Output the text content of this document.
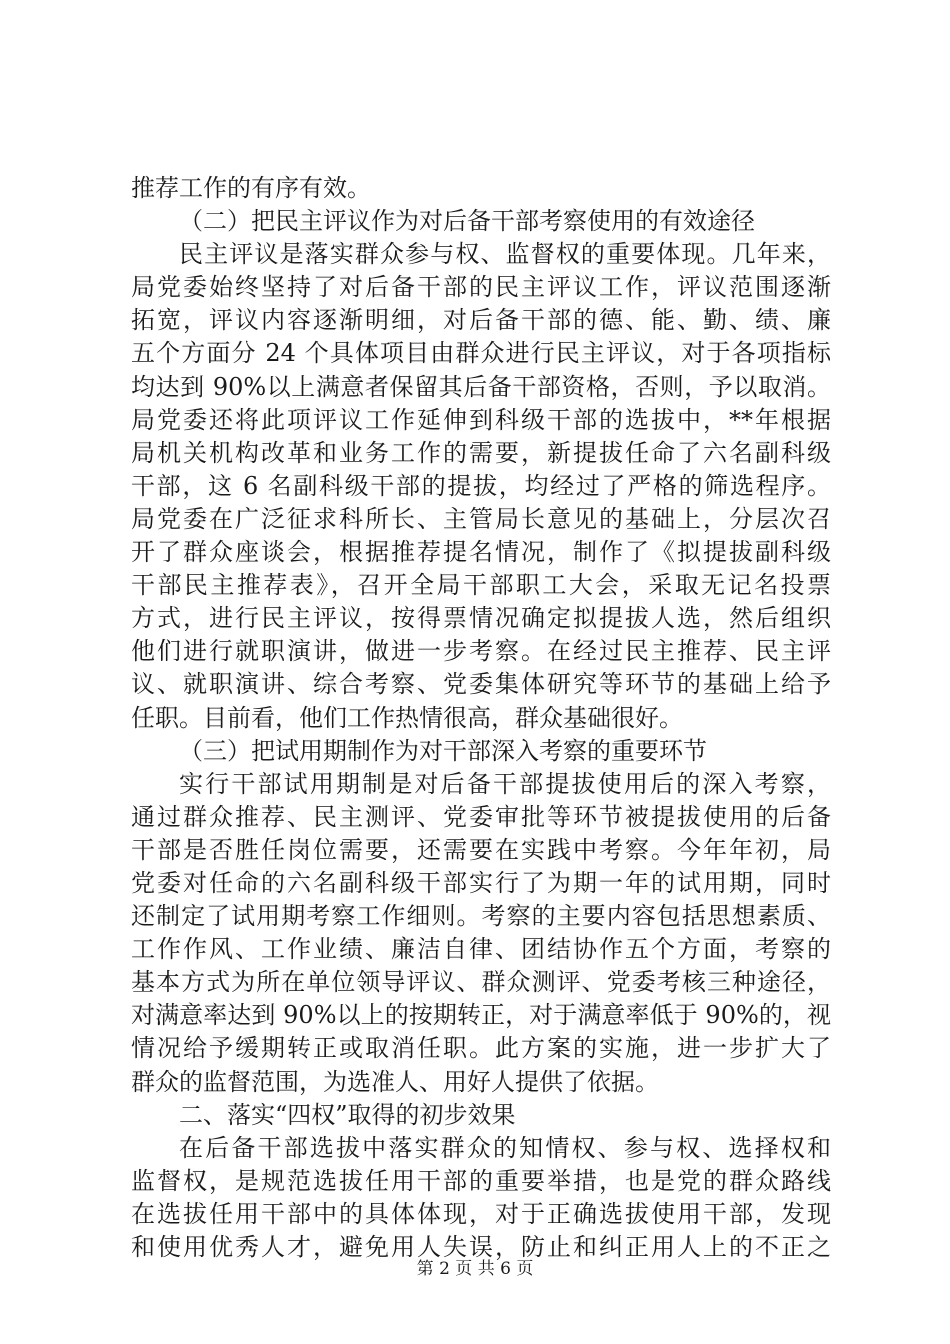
推荐工作的有序有效。
（二）把民主评议作为对后备干部考察使用的有效途径
民主评议是落实群众参与权、监督权的重要体现。几年来，
局党委始终坚持了对后备干部的民主评议工作，评议范围逐渐
拓宽，评议内容逐渐明细，对后备干部的德、能、勤、绩、廉
五个方面分 24 个具体项目由群众进行民主评议，对于各项指标
均达到 90%以上满意者保留其后备干部资格，否则，予以取消。
局党委还将此项评议工作延伸到科级干部的选拔中，**年根据
局机关机构改革和业务工作的需要，新提拔任命了六名副科级
干部，这 6 名副科级干部的提拔，均经过了严格的筛选程序。
局党委在广泛征求科所长、主管局长意见的基础上，分层次召
开了群众座谈会，根据推荐提名情况，制作了《拟提拔副科级
干部民主推荐表》，召开全局干部职工大会，采取无记名投票
方式，进行民主评议，按得票情况确定拟提拔人选，然后组织
他们进行就职演讲，做进一步考察。在经过民主推荐、民主评
议、就职演讲、综合考察、党委集体研究等环节的基础上给予
任职。目前看，他们工作热情很高，群众基础很好。
（三）把试用期制作为对干部深入考察的重要环节
实行干部试用期制是对后备干部提拔使用后的深入考察，
通过群众推荐、民主测评、党委审批等环节被提拔使用的后备
干部是否胜任岗位需要，还需要在实践中考察。今年年初，局
党委对任命的六名副科级干部实行了为期一年的试用期，同时
还制定了试用期考察工作细则。考察的主要内容包括思想素质、
工作作风、工作业绩、廉洁自律、团结协作五个方面，考察的
基本方式为所在单位领导评议、群众测评、党委考核三种途径，
对满意率达到 90%以上的按期转正，对于满意率低于 90%的，视
情况给予缓期转正或取消任职。此方案的实施，进一步扩大了
群众的监督范围，为选准人、用好人提供了依据。
二、落实“四权”取得的初步效果
在后备干部选拔中落实群众的知情权、参与权、选择权和
监督权，是规范选拔任用干部的重要举措，也是党的群众路线
在选拔任用干部中的具体体现，对于正确选拔使用干部，发现
和使用优秀人才，避免用人失误，防止和纠正用人上的不正之
第 2 页 共 6 页
